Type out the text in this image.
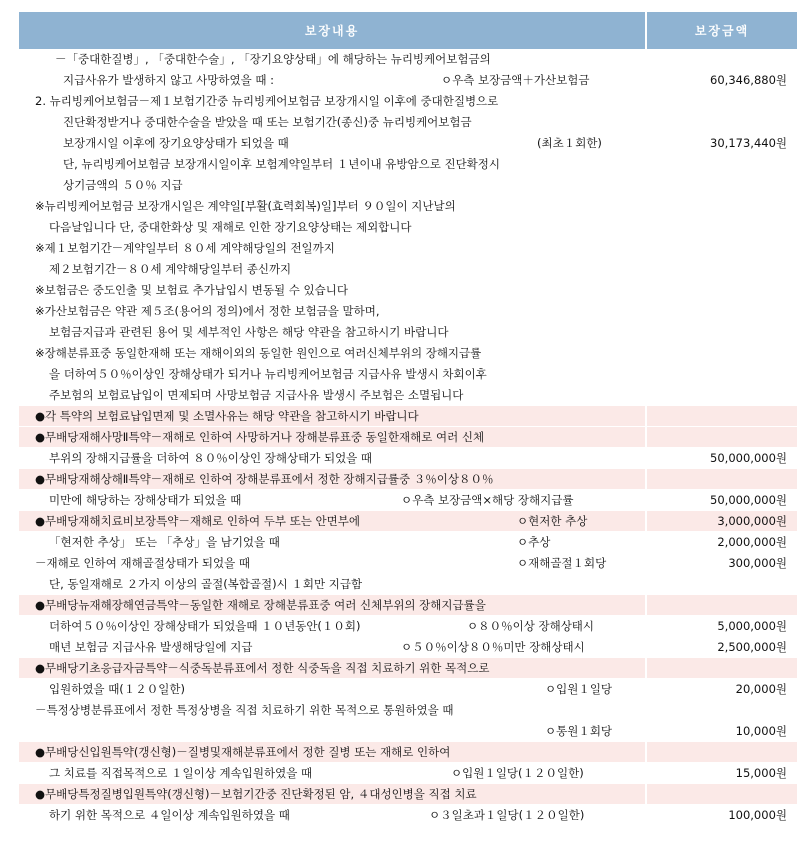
보장내용	보장금액
－「중대한질병」, 「중대한수술」, 「장기요양상태」에 해당하는 뉴리빙케어보험금의
지급사유가 발생하지 않고 사망하였을 때 :	ㅇ우측 보장금액＋가산보험금	60,346,880원
2. 뉴리빙케어보험금－제１보험기간중 뉴리빙케어보험금 보장개시일 이후에 중대한질병으로
진단확정받거나 중대한수술을 받았을 때 또는 보험기간(종신)중 뉴리빙케어보험금
보장개시일 이후에 장기요양상태가 되었을 때	(최초１회한)	30,173,440원
단, 뉴리빙케어보험금 보장개시일이후 보험계약일부터 １년이내 유방암으로 진단확정시
상기금액의 ５０％ 지급
※뉴리빙케어보험금 보장개시일은 계약일[부활(효력회복)일]부터 ９０일이 지난날의
다음날입니다 단, 중대한화상 및 재해로 인한 장기요양상태는 제외합니다
※제１보험기간－계약일부터 ８０세 계약해당일의 전일까지
제２보험기간－８０세 계약해당일부터 종신까지
※보험금은 중도인출 및 보험료 추가납입시 변동될 수 있습니다
※가산보험금은 약관 제５조(용어의 정의)에서 정한 보험금을 말하며,
보험금지급과 관련된 용어 및 세부적인 사항은 해당 약관을 참고하시기 바랍니다
※장해분류표중 동일한재해 또는 재해이외의 동일한 원인으로 여러신체부위의 장해지급률
을 더하여５０％이상인 장해상태가 되거나 뉴리빙케어보험금 지급사유 발생시 차회이후
주보험의 보험료납입이 면제되며 사망보험금 지급사유 발생시 주보험은 소멸됩니다
●각 특약의 보험료납입면제 및 소멸사유는 해당 약관을 참고하시기 바랍니다
●무배당재해사망Ⅱ특약－재해로 인하여 사망하거나 장해분류표중 동일한재해로 여러 신체
부위의 장해지급률을 더하여 ８０％이상인 장해상태가 되었을 때	50,000,000원
●무배당재해상해Ⅱ특약－재해로 인하여 장해분류표에서 정한 장해지급률중 ３％이상８０％
미만에 해당하는 장해상태가 되었을 때	ㅇ우측 보장금액×해당 장해지급률	50,000,000원
●무배당재해치료비보장특약－재해로 인하여 두부 또는 안면부에	ㅇ현저한 추상	3,000,000원
「현저한 추상」 또는 「추상」을 남기었을 때	ㅇ추상	2,000,000원
－재해로 인하여 재해골절상태가 되었을 때	ㅇ재해골절１회당	300,000원
단, 동일재해로 ２가지 이상의 골절(복합골절)시 １회만 지급함
●무배당뉴재해장해연금특약－동일한 재해로 장해분류표중 여러 신체부위의 장해지급률을
더하여５０％이상인 장해상태가 되었을때 １０년동안(１０회)	ㅇ８０％이상 장해상태시	5,000,000원
매년 보험금 지급사유 발생해당일에 지급	ㅇ５０％이상８０％미만 장해상태시	2,500,000원
●무배당기초응급자금특약－식중독분류표에서 정한 식중독을 직접 치료하기 위한 목적으로
입원하였을 때(１２０일한)	ㅇ입원１일당	20,000원
－특정상병분류표에서 정한 특정상병을 직접 치료하기 위한 목적으로 통원하였을 때
ㅇ통원１회당	10,000원
●무배당신입원특약(갱신형)－질병및재해분류표에서 정한 질병 또는 재해로 인하여
그 치료를 직접목적으로 １일이상 계속입원하였을 때	ㅇ입원１일당(１２０일한)	15,000원
●무배당특정질병입원특약(갱신형)－보험기간중 진단확정된 암, ４대성인병을 직접 치료
하기 위한 목적으로 ４일이상 계속입원하였을 때	ㅇ３일초과１일당(１２０일한)	100,000원
